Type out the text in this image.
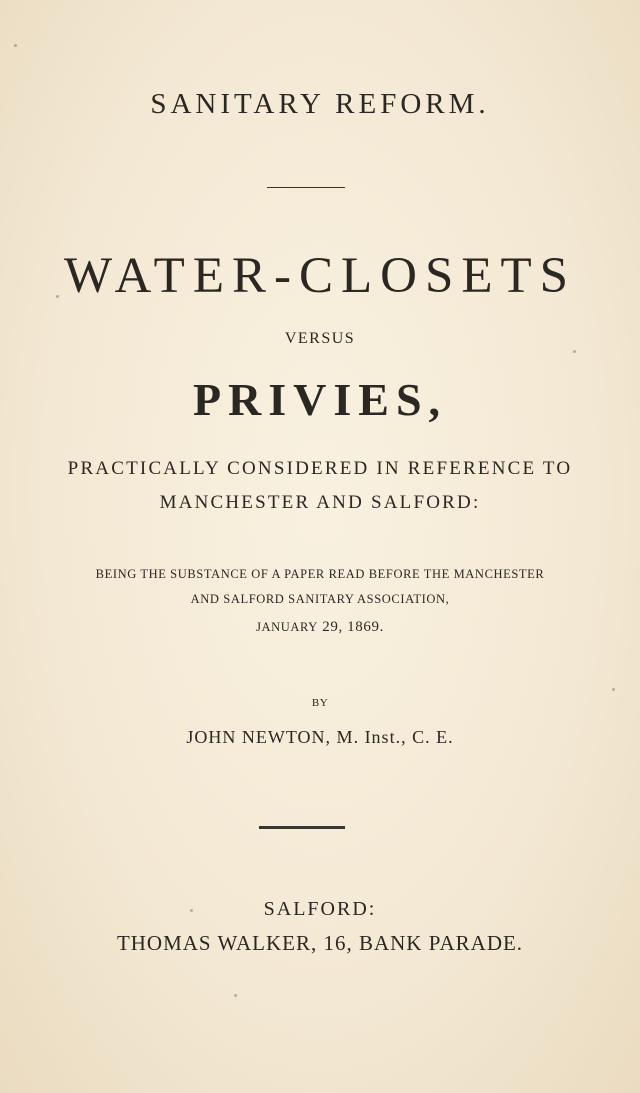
SANITARY REFORM.
WATER-CLOSETS
VERSUS
PRIVIES,
PRACTICALLY CONSIDERED IN REFERENCE TO
MANCHESTER AND SALFORD:
BEING THE SUBSTANCE OF A PAPER READ BEFORE THE MANCHESTER
AND SALFORD SANITARY ASSOCIATION,
JANUARY 29, 1869.
BY
JOHN NEWTON, M. Inst., C. E.
SALFORD:
THOMAS WALKER, 16, BANK PARADE.
